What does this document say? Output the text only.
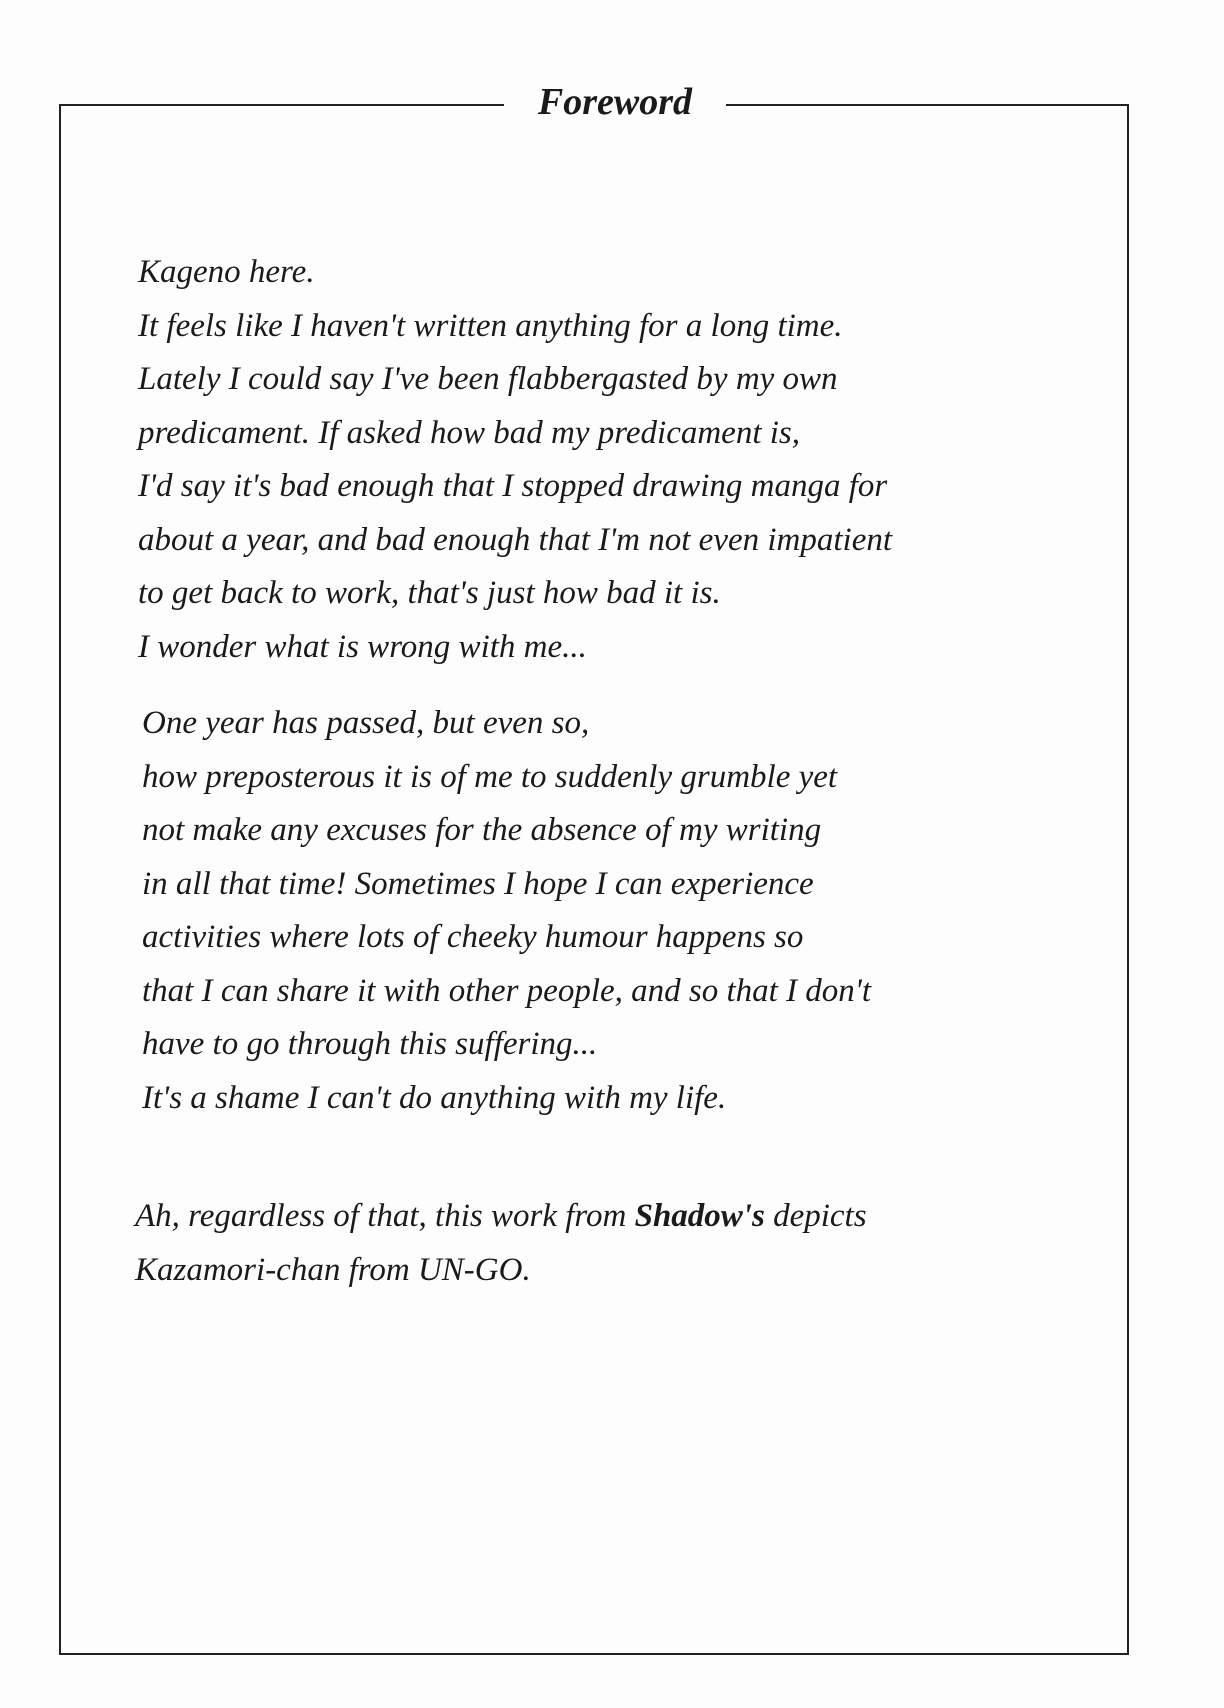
Foreword

Kageno here.
It feels like I haven't written anything for a long time.
Lately I could say I've been flabbergasted by my own
predicament. If asked how bad my predicament is,
I'd say it's bad enough that I stopped drawing manga for
about a year, and bad enough that I'm not even impatient
to get back to work, that's just how bad it is.
I wonder what is wrong with me...

One year has passed, but even so,
how preposterous it is of me to suddenly grumble yet
not make any excuses for the absence of my writing
in all that time! Sometimes I hope I can experience
activities where lots of cheeky humour happens so
that I can share it with other people, and so that I don't
have to go through this suffering...
It's a shame I can't do anything with my life.

Ah, regardless of that, this work from Shadow's depicts
Kazamori-chan from UN-GO.
